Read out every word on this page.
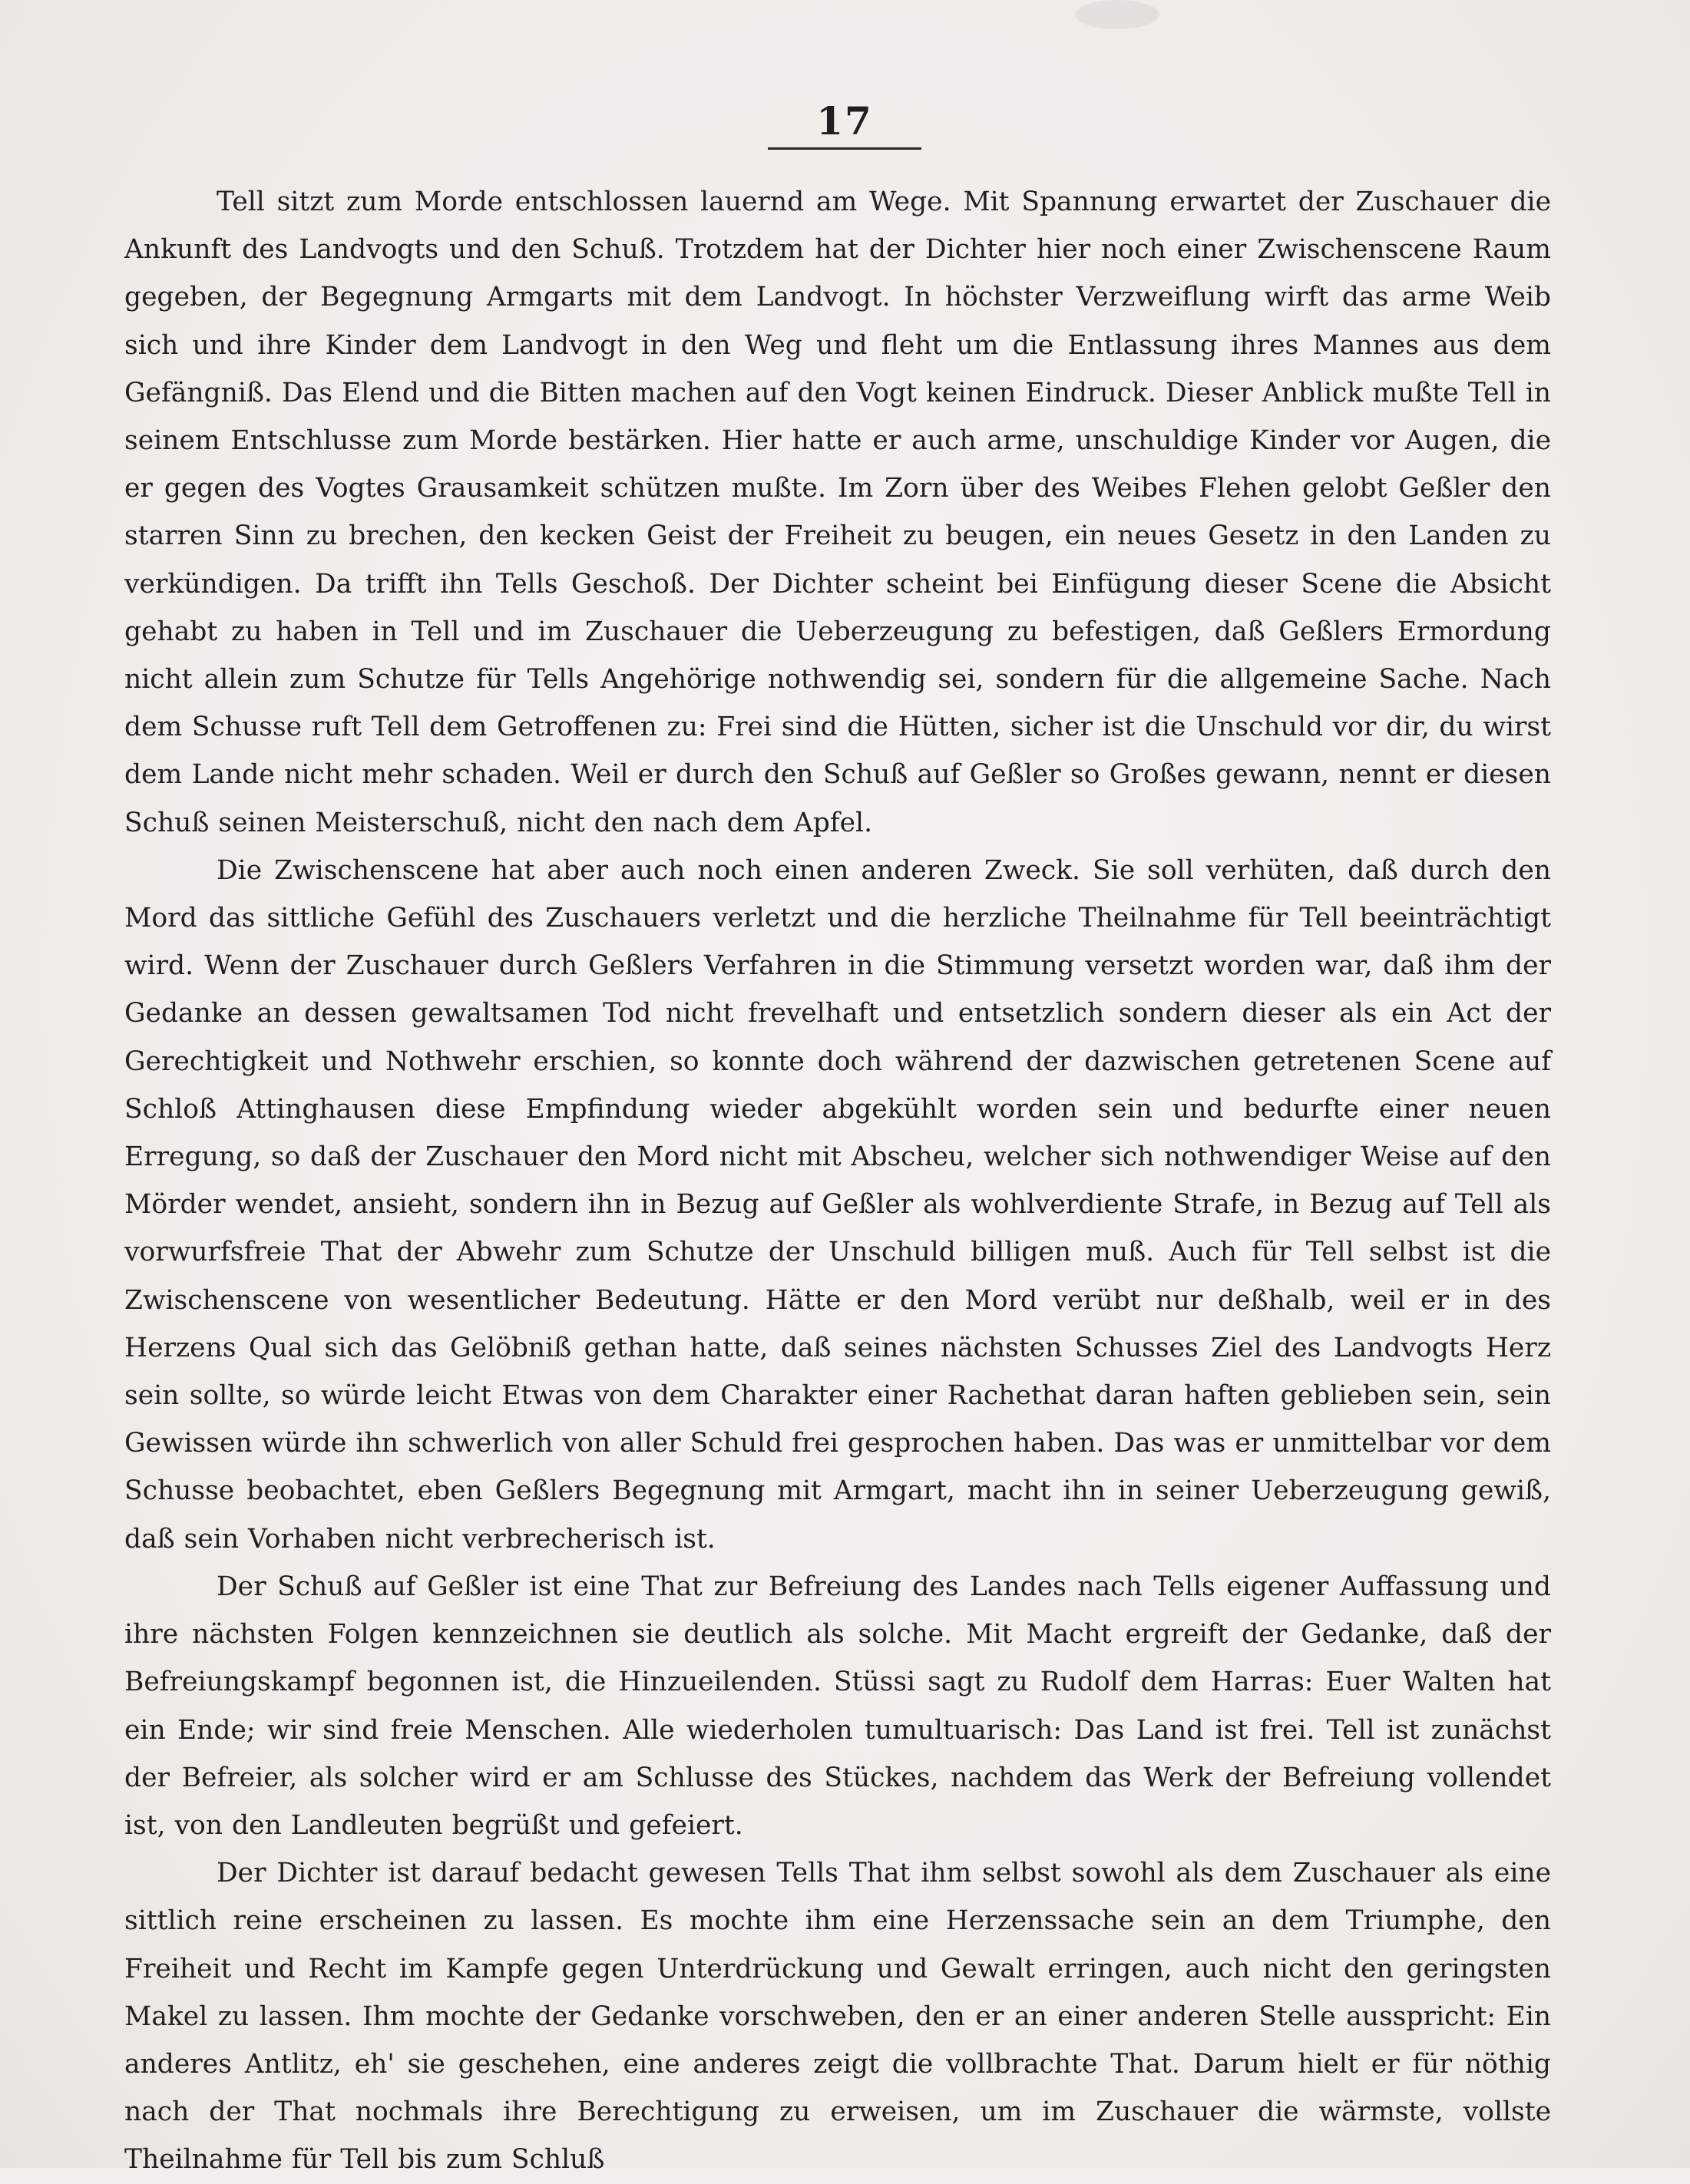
17

Tell sitzt zum Morde entschlossen lauernd am Wege. Mit Spannung erwartet der Zuschauer die Ankunft des Landvogts und den Schuß. Trotzdem hat der Dichter hier noch einer Zwischenscene Raum gegeben, der Begegnung Armgarts mit dem Landvogt. In höchster Verzweiflung wirft das arme Weib sich und ihre Kinder dem Landvogt in den Weg und fleht um die Entlassung ihres Mannes aus dem Gefängniß. Das Elend und die Bitten machen auf den Vogt keinen Eindruck. Dieser Anblick mußte Tell in seinem Entschlusse zum Morde bestärken. Hier hatte er auch arme, unschuldige Kinder vor Augen, die er gegen des Vogtes Grausamkeit schützen mußte. Im Zorn über des Weibes Flehen gelobt Geßler den starren Sinn zu brechen, den kecken Geist der Freiheit zu beugen, ein neues Gesetz in den Landen zu verkündigen. Da trifft ihn Tells Geschoß. Der Dichter scheint bei Einfügung dieser Scene die Absicht gehabt zu haben in Tell und im Zuschauer die Ueberzeugung zu befestigen, daß Geßlers Ermordung nicht allein zum Schutze für Tells Angehörige nothwendig sei, sondern für die allgemeine Sache. Nach dem Schusse ruft Tell dem Getroffenen zu: Frei sind die Hütten, sicher ist die Unschuld vor dir, du wirst dem Lande nicht mehr schaden. Weil er durch den Schuß auf Geßler so Großes gewann, nennt er diesen Schuß seinen Meisterschuß, nicht den nach dem Apfel.

Die Zwischenscene hat aber auch noch einen anderen Zweck. Sie soll verhüten, daß durch den Mord das sittliche Gefühl des Zuschauers verletzt und die herzliche Theilnahme für Tell beeinträchtigt wird. Wenn der Zuschauer durch Geßlers Verfahren in die Stimmung versetzt worden war, daß ihm der Gedanke an dessen gewaltsamen Tod nicht frevelhaft und entsetzlich sondern dieser als ein Act der Gerechtigkeit und Nothwehr erschien, so konnte doch während der dazwischen getretenen Scene auf Schloß Attinghausen diese Empfindung wieder abgekühlt worden sein und bedurfte einer neuen Erregung, so daß der Zuschauer den Mord nicht mit Abscheu, welcher sich nothwendiger Weise auf den Mörder wendet, ansieht, sondern ihn in Bezug auf Geßler als wohlverdiente Strafe, in Bezug auf Tell als vorwurfsfreie That der Abwehr zum Schutze der Unschuld billigen muß. Auch für Tell selbst ist die Zwischenscene von wesentlicher Bedeutung. Hätte er den Mord verübt nur deßhalb, weil er in des Herzens Qual sich das Gelöbniß gethan hatte, daß seines nächsten Schusses Ziel des Landvogts Herz sein sollte, so würde leicht Etwas von dem Charakter einer Rachethat daran haften geblieben sein, sein Gewissen würde ihn schwerlich von aller Schuld frei gesprochen haben. Das was er unmittelbar vor dem Schusse beobachtet, eben Geßlers Begegnung mit Armgart, macht ihn in seiner Ueberzeugung gewiß, daß sein Vorhaben nicht verbrecherisch ist.

Der Schuß auf Geßler ist eine That zur Befreiung des Landes nach Tells eigener Auffassung und ihre nächsten Folgen kennzeichnen sie deutlich als solche. Mit Macht ergreift der Gedanke, daß der Befreiungskampf begonnen ist, die Hinzueilenden. Stüssi sagt zu Rudolf dem Harras: Euer Walten hat ein Ende; wir sind freie Menschen. Alle wiederholen tumultuarisch: Das Land ist frei. Tell ist zunächst der Befreier, als solcher wird er am Schlusse des Stückes, nachdem das Werk der Befreiung vollendet ist, von den Landleuten begrüßt und gefeiert.

Der Dichter ist darauf bedacht gewesen Tells That ihm selbst sowohl als dem Zuschauer als eine sittlich reine erscheinen zu lassen. Es mochte ihm eine Herzenssache sein an dem Triumphe, den Freiheit und Recht im Kampfe gegen Unterdrückung und Gewalt erringen, auch nicht den geringsten Makel zu lassen. Ihm mochte der Gedanke vorschweben, den er an einer anderen Stelle ausspricht: Ein anderes Antlitz, eh' sie geschehen, eine anderes zeigt die vollbrachte That. Darum hielt er für nöthig nach der That nochmals ihre Berechtigung zu erweisen, um im Zuschauer die wärmste, vollste Theilnahme für Tell bis zum Schluß
